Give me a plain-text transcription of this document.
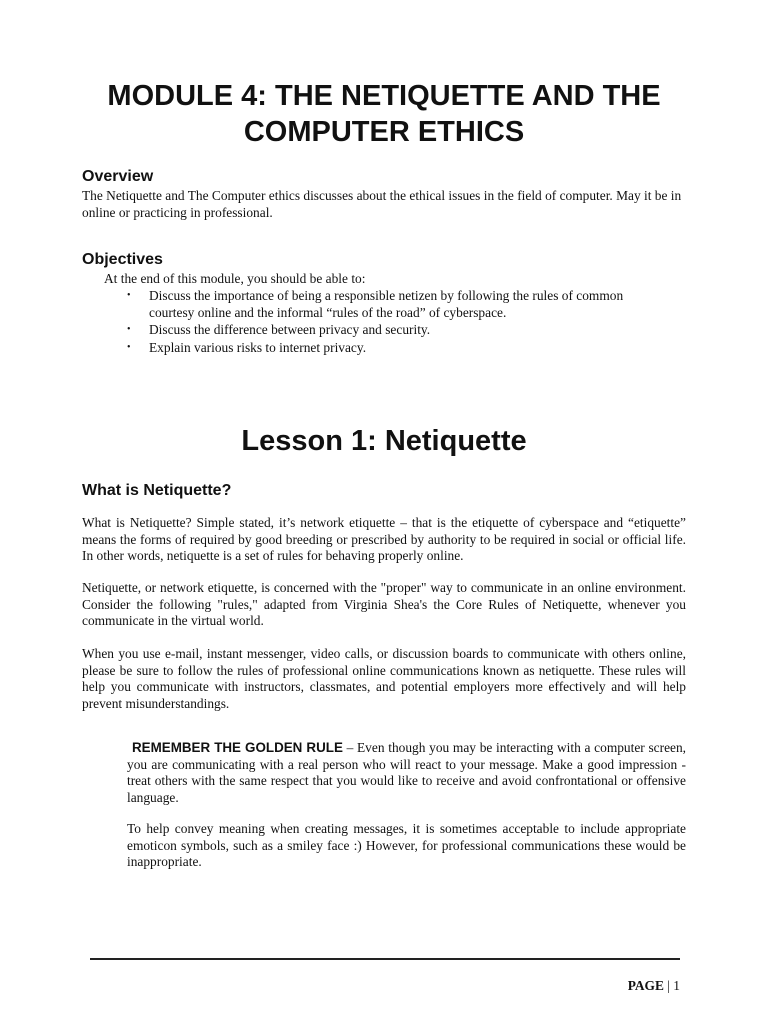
MODULE 4: THE NETIQUETTE AND THE
COMPUTER ETHICS
Overview

The Netiquette and The Computer ethics discusses about the ethical issues in the field of computer. May it be in online or practicing in professional.

Objectives

At the end of this module, you should be able to:

• Discuss the importance of being a responsible netizen by following the rules of common courtesy online and the informal “rules of the road” of cyberspace.
• Discuss the difference between privacy and security.
• Explain various risks to internet privacy.
Lesson 1: Netiquette
What is Netiquette?

What is Netiquette? Simple stated, it’s network etiquette – that is the etiquette of cyberspace and “etiquette” means the forms of required by good breeding or prescribed by authority to be required in social or official life. In other words, netiquette is a set of rules for behaving properly online.

Netiquette, or network etiquette, is concerned with the "proper" way to communicate in an online environment. Consider the following "rules," adapted from Virginia Shea's the Core Rules of Netiquette, whenever you communicate in the virtual world.

When you use e-mail, instant messenger, video calls, or discussion boards to communicate with others online, please be sure to follow the rules of professional online communications known as netiquette. These rules will help you communicate with instructors, classmates, and potential employers more effectively and will help prevent misunderstandings.

REMEMBER THE GOLDEN RULE – Even though you may be interacting with a computer screen, you are communicating with a real person who will react to your message. Make a good impression - treat others with the same respect that you would like to receive and avoid confrontational or offensive language.

To help convey meaning when creating messages, it is sometimes acceptable to include appropriate emoticon symbols, such as a smiley face :) However, for professional communications these would be inappropriate.

PAGE | 1
